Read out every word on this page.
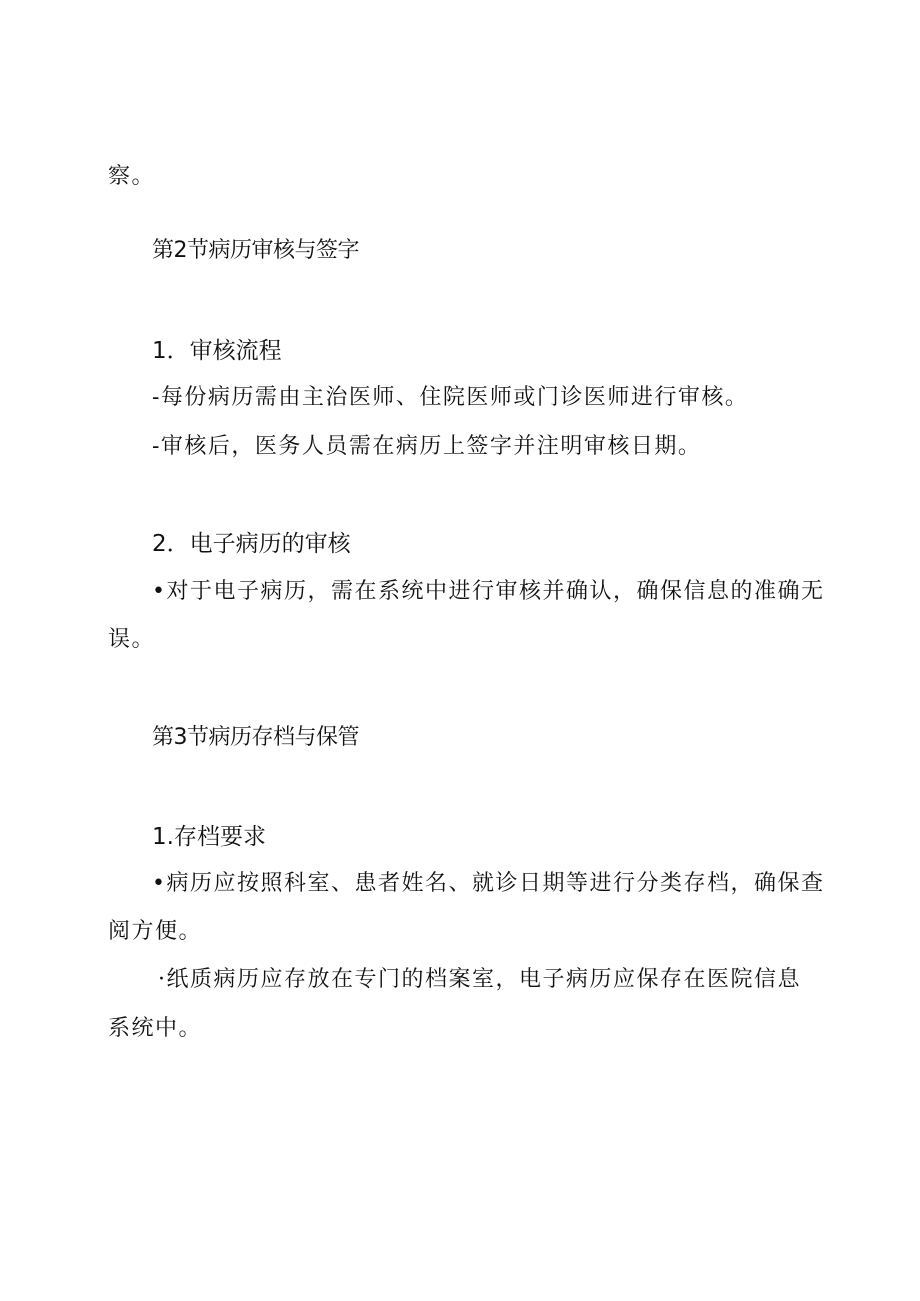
察。
第2节病历审核与签字
1．审核流程
-每份病历需由主治医师、住院医师或门诊医师进行审核。
-审核后，医务人员需在病历上签字并注明审核日期。
2．电子病历的审核
•对于电子病历，需在系统中进行审核并确认，确保信息的准确无
误。
第3节病历存档与保管
1.存档要求
•病历应按照科室、患者姓名、就诊日期等进行分类存档，确保查
阅方便。
·纸质病历应存放在专门的档案室，电子病历应保存在医院信息
系统中。
